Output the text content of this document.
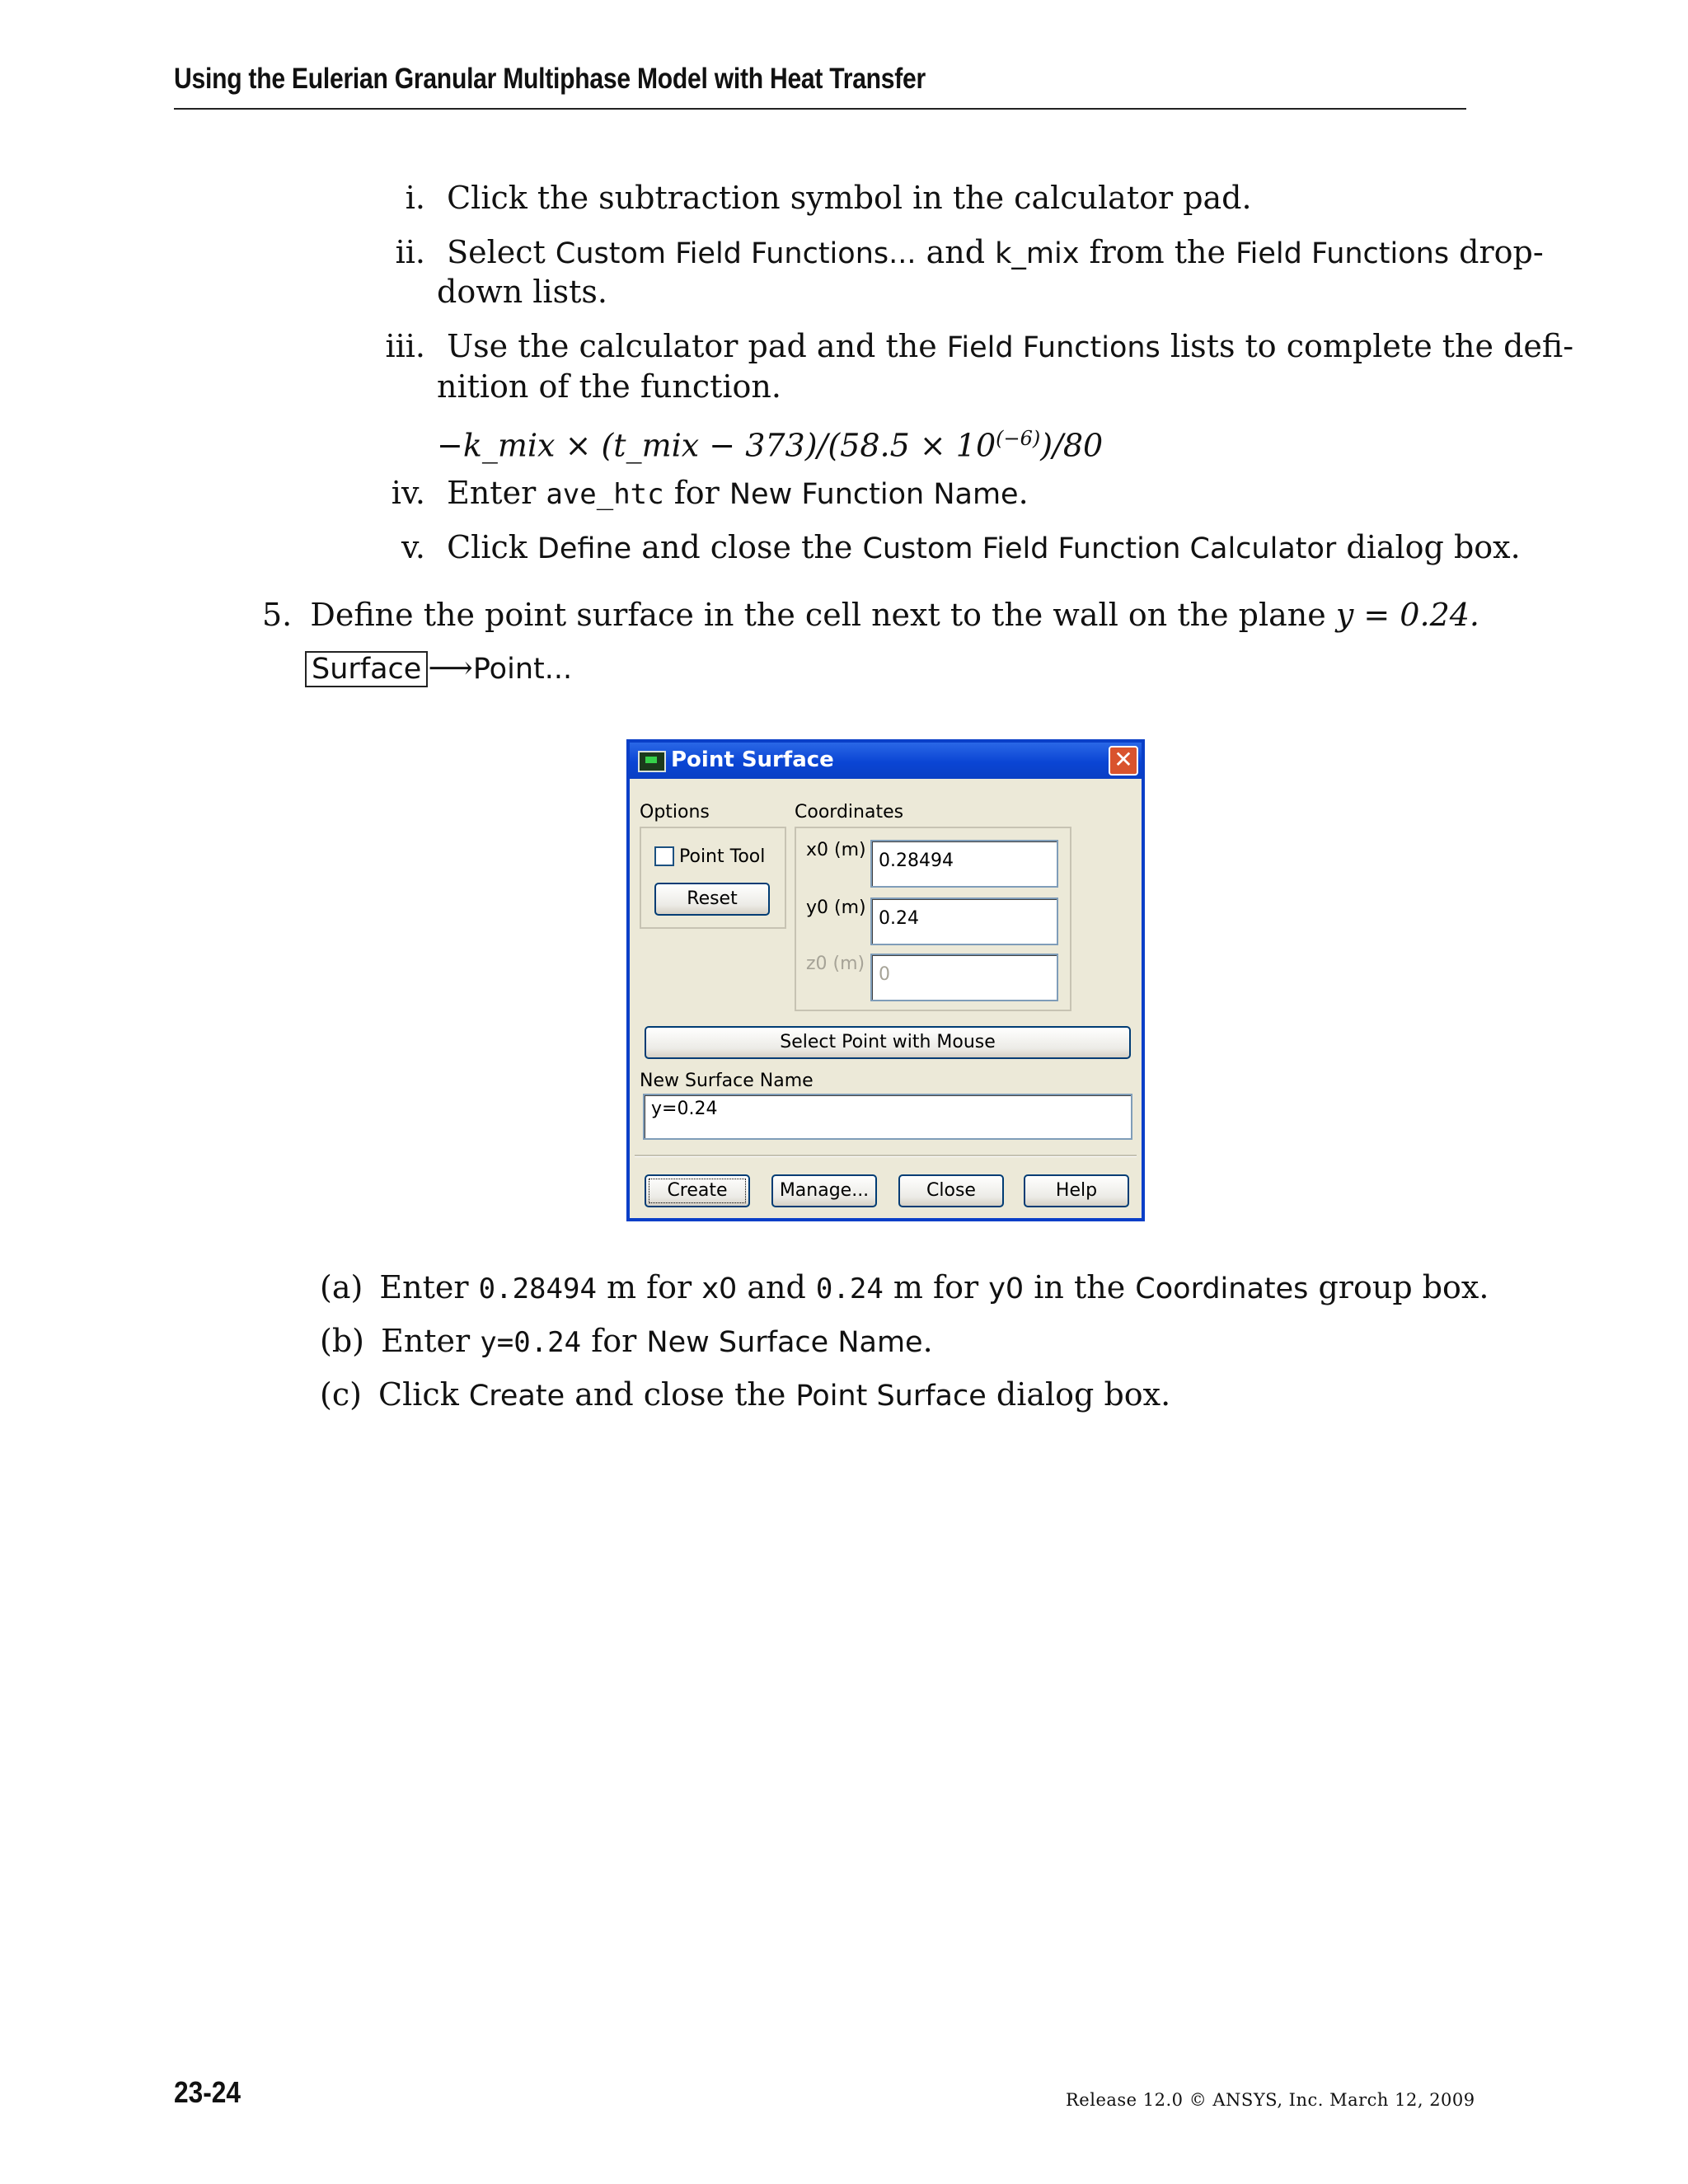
Using the Eulerian Granular Multiphase Model with Heat Transfer
i. Click the subtraction symbol in the calculator pad.
ii. Select Custom Field Functions... and k_mix from the Field Functions drop-
down lists.
iii. Use the calculator pad and the Field Functions lists to complete the defi-
nition of the function.
−k_mix × (t_mix − $373)/(58.5 \times 10^{(-6)})/80$
iv. Enter ave_htc for New Function Name.
v. Click Define and close the Custom Field Function Calculator dialog box.
5. Define the point surface in the cell next to the wall on the plane y = 0.24.
Surface ⟶Point...
Point Surface	✕
Options
Point Tool
Reset
Coordinates
x0 (m)
0.28494
y0 (m)
0.24
z0 (m)
0
Select Point with Mouse
New Surface Name
y=0.24
Create	Manage...	Close	Help
(a) Enter 0.28494 m for x0 and 0.24 m for y0 in the Coordinates group box.
(b) Enter y=0.24 for New Surface Name.
(c) Click Create and close the Point Surface dialog box.
23-24	Release 12.0 © ANSYS, Inc. March 12, 2009
